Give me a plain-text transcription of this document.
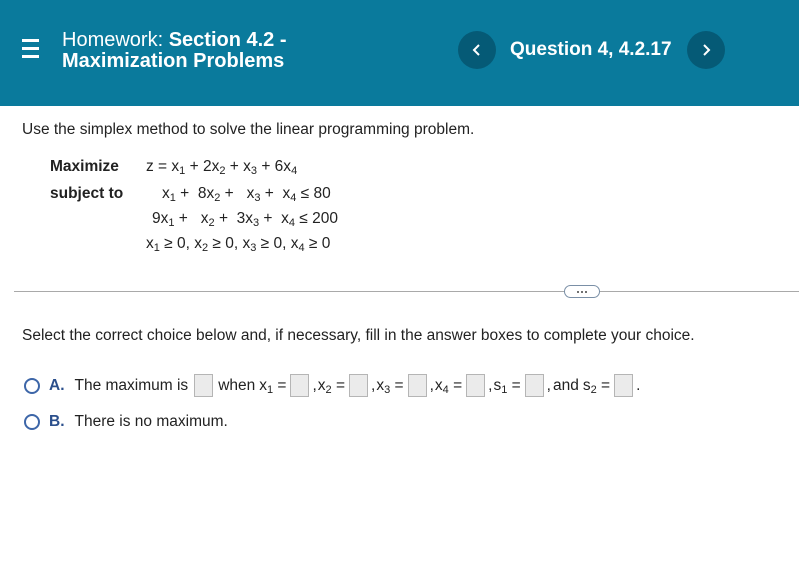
Homework: Section 4.2 -
Maximization Problems
Question 4, 4.2.17
Use the simplex method to solve the linear programming problem.
Maximize $z = x_1 + 2x_2 + x_3 + 6x_4$
subject to	$x_1 + 8x_2 + x_3 + x_4 \le 80$
$9x_1 + x_2 + 3x_3 + x_4 \le 200$
$x_1 \ge 0$, $x_2 \ge 0$, $x_3 \ge 0$, $x_4 \ge 0$
Select the correct choice below and, if necessary, fill in the answer boxes to complete your choice.
A. The maximum is when $x_1$ = , $x_2$ = , $x_3$ = , $x_4$ = , $s_1$ = , and $s_2$ = .
B. There is no maximum.
